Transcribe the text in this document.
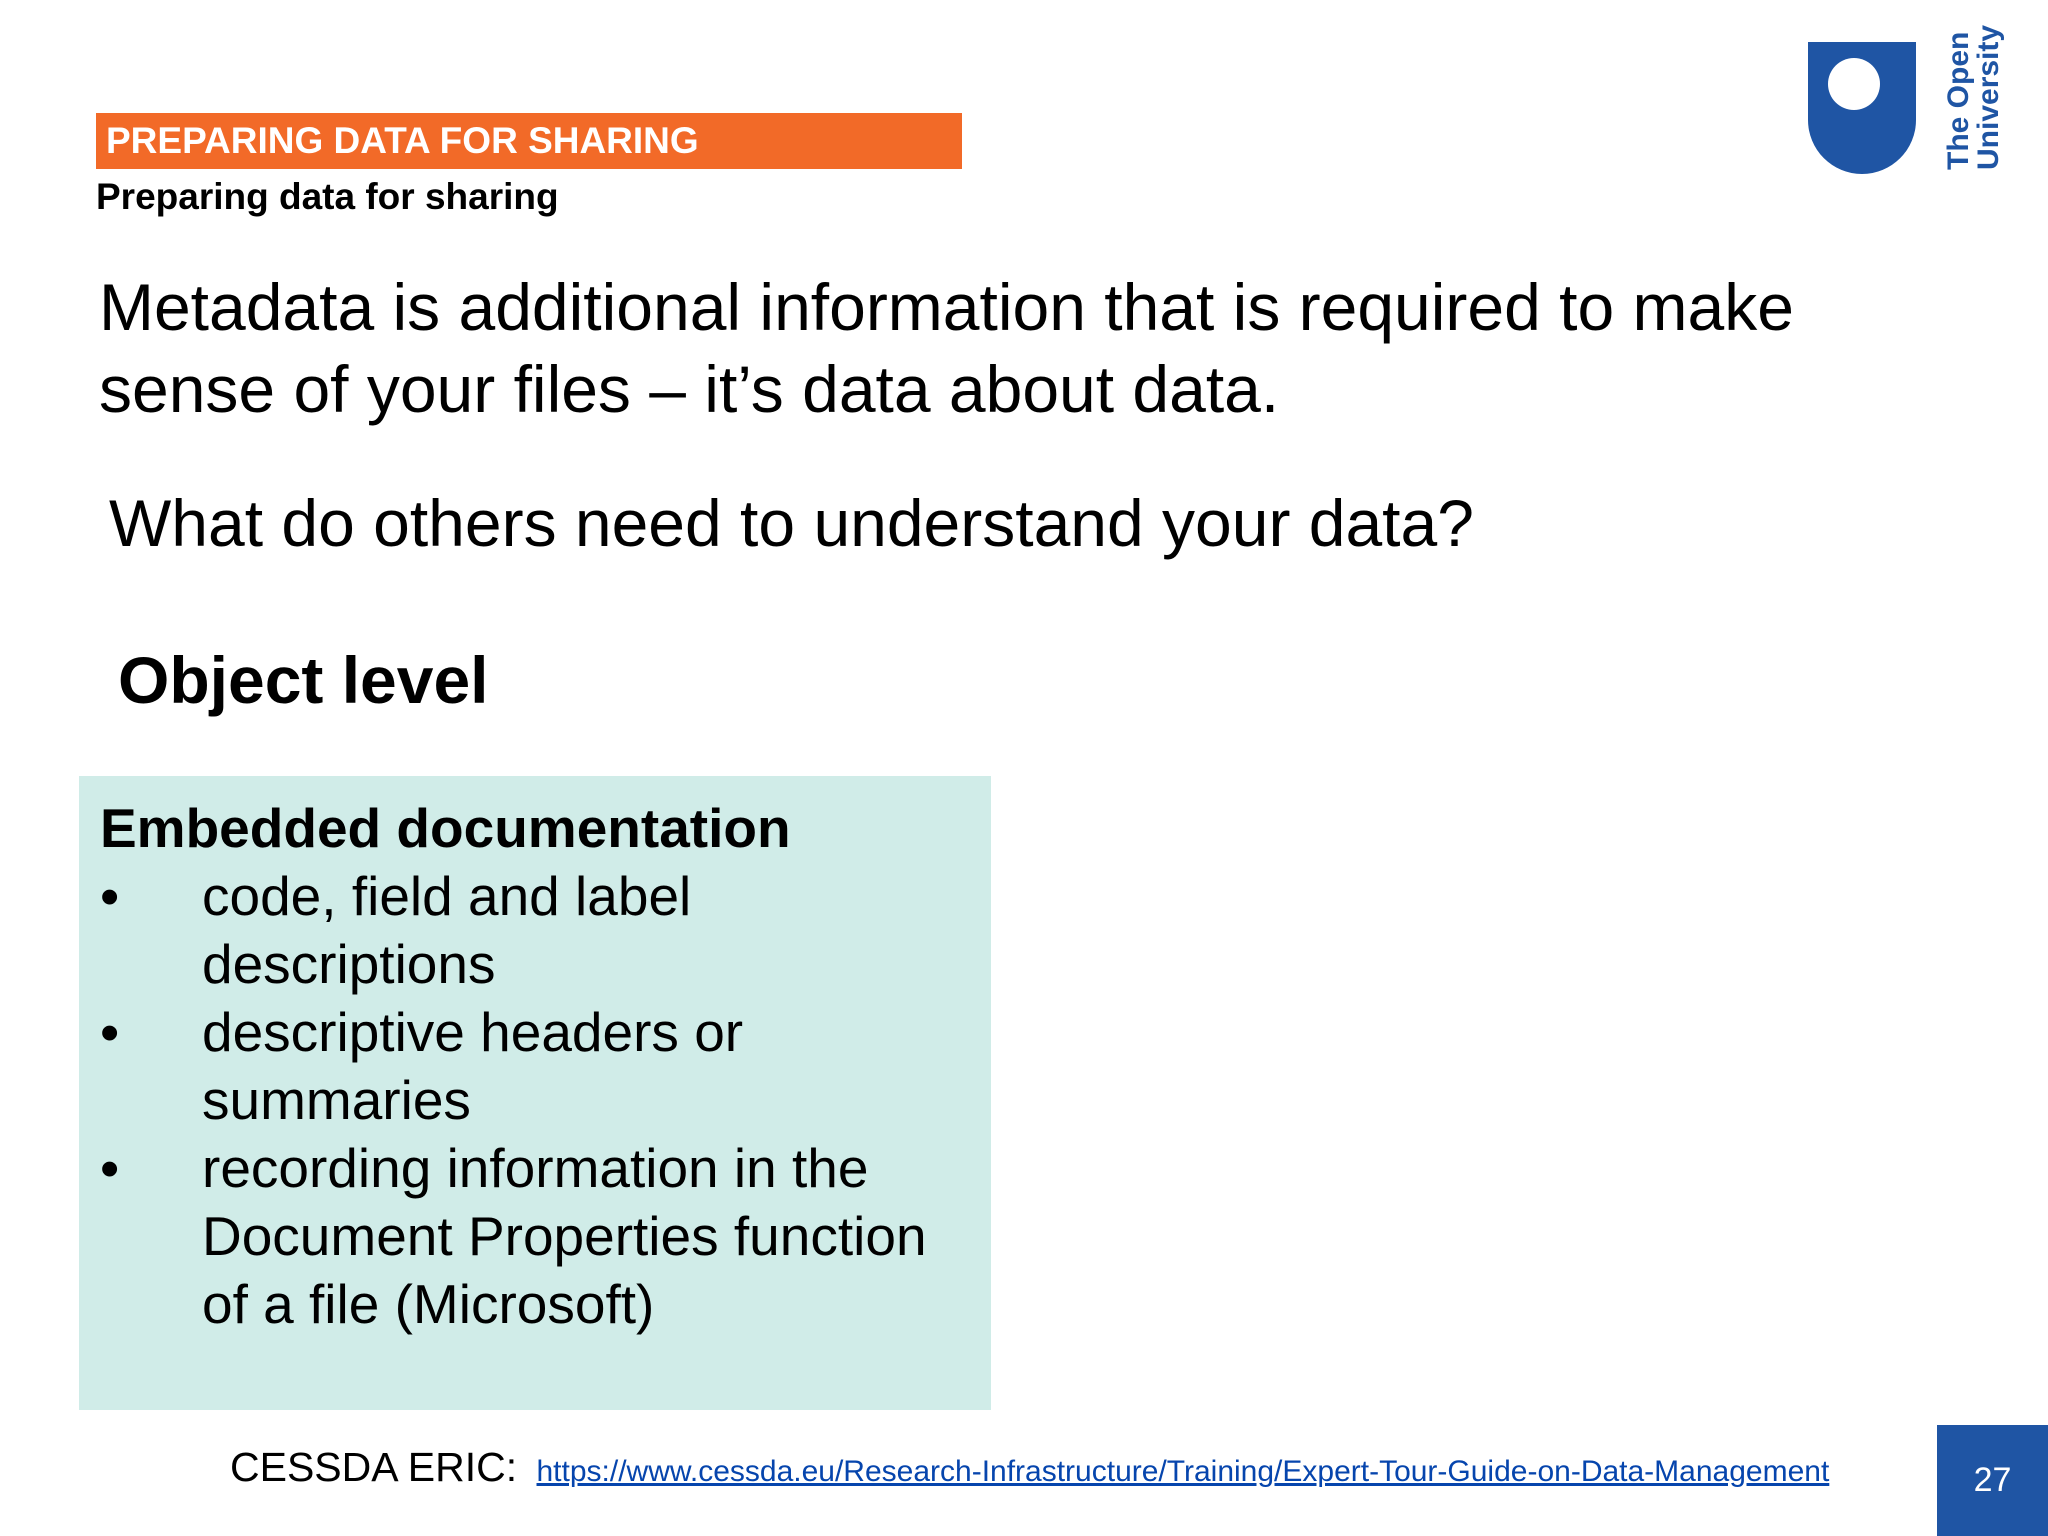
PREPARING DATA FOR SHARING
Preparing data for sharing
The Open
University
Metadata is additional information that is required to make sense of your files – it’s data about data.
What do others need to understand your data?
Object level
Embedded documentation
• code, field and label descriptions
• descriptive headers or summaries
• recording information in the Document Properties function of a file (Microsoft)
CESSDA ERIC: https://www.cessda.eu/Research-Infrastructure/Training/Expert-Tour-Guide-on-Data-Management	27
